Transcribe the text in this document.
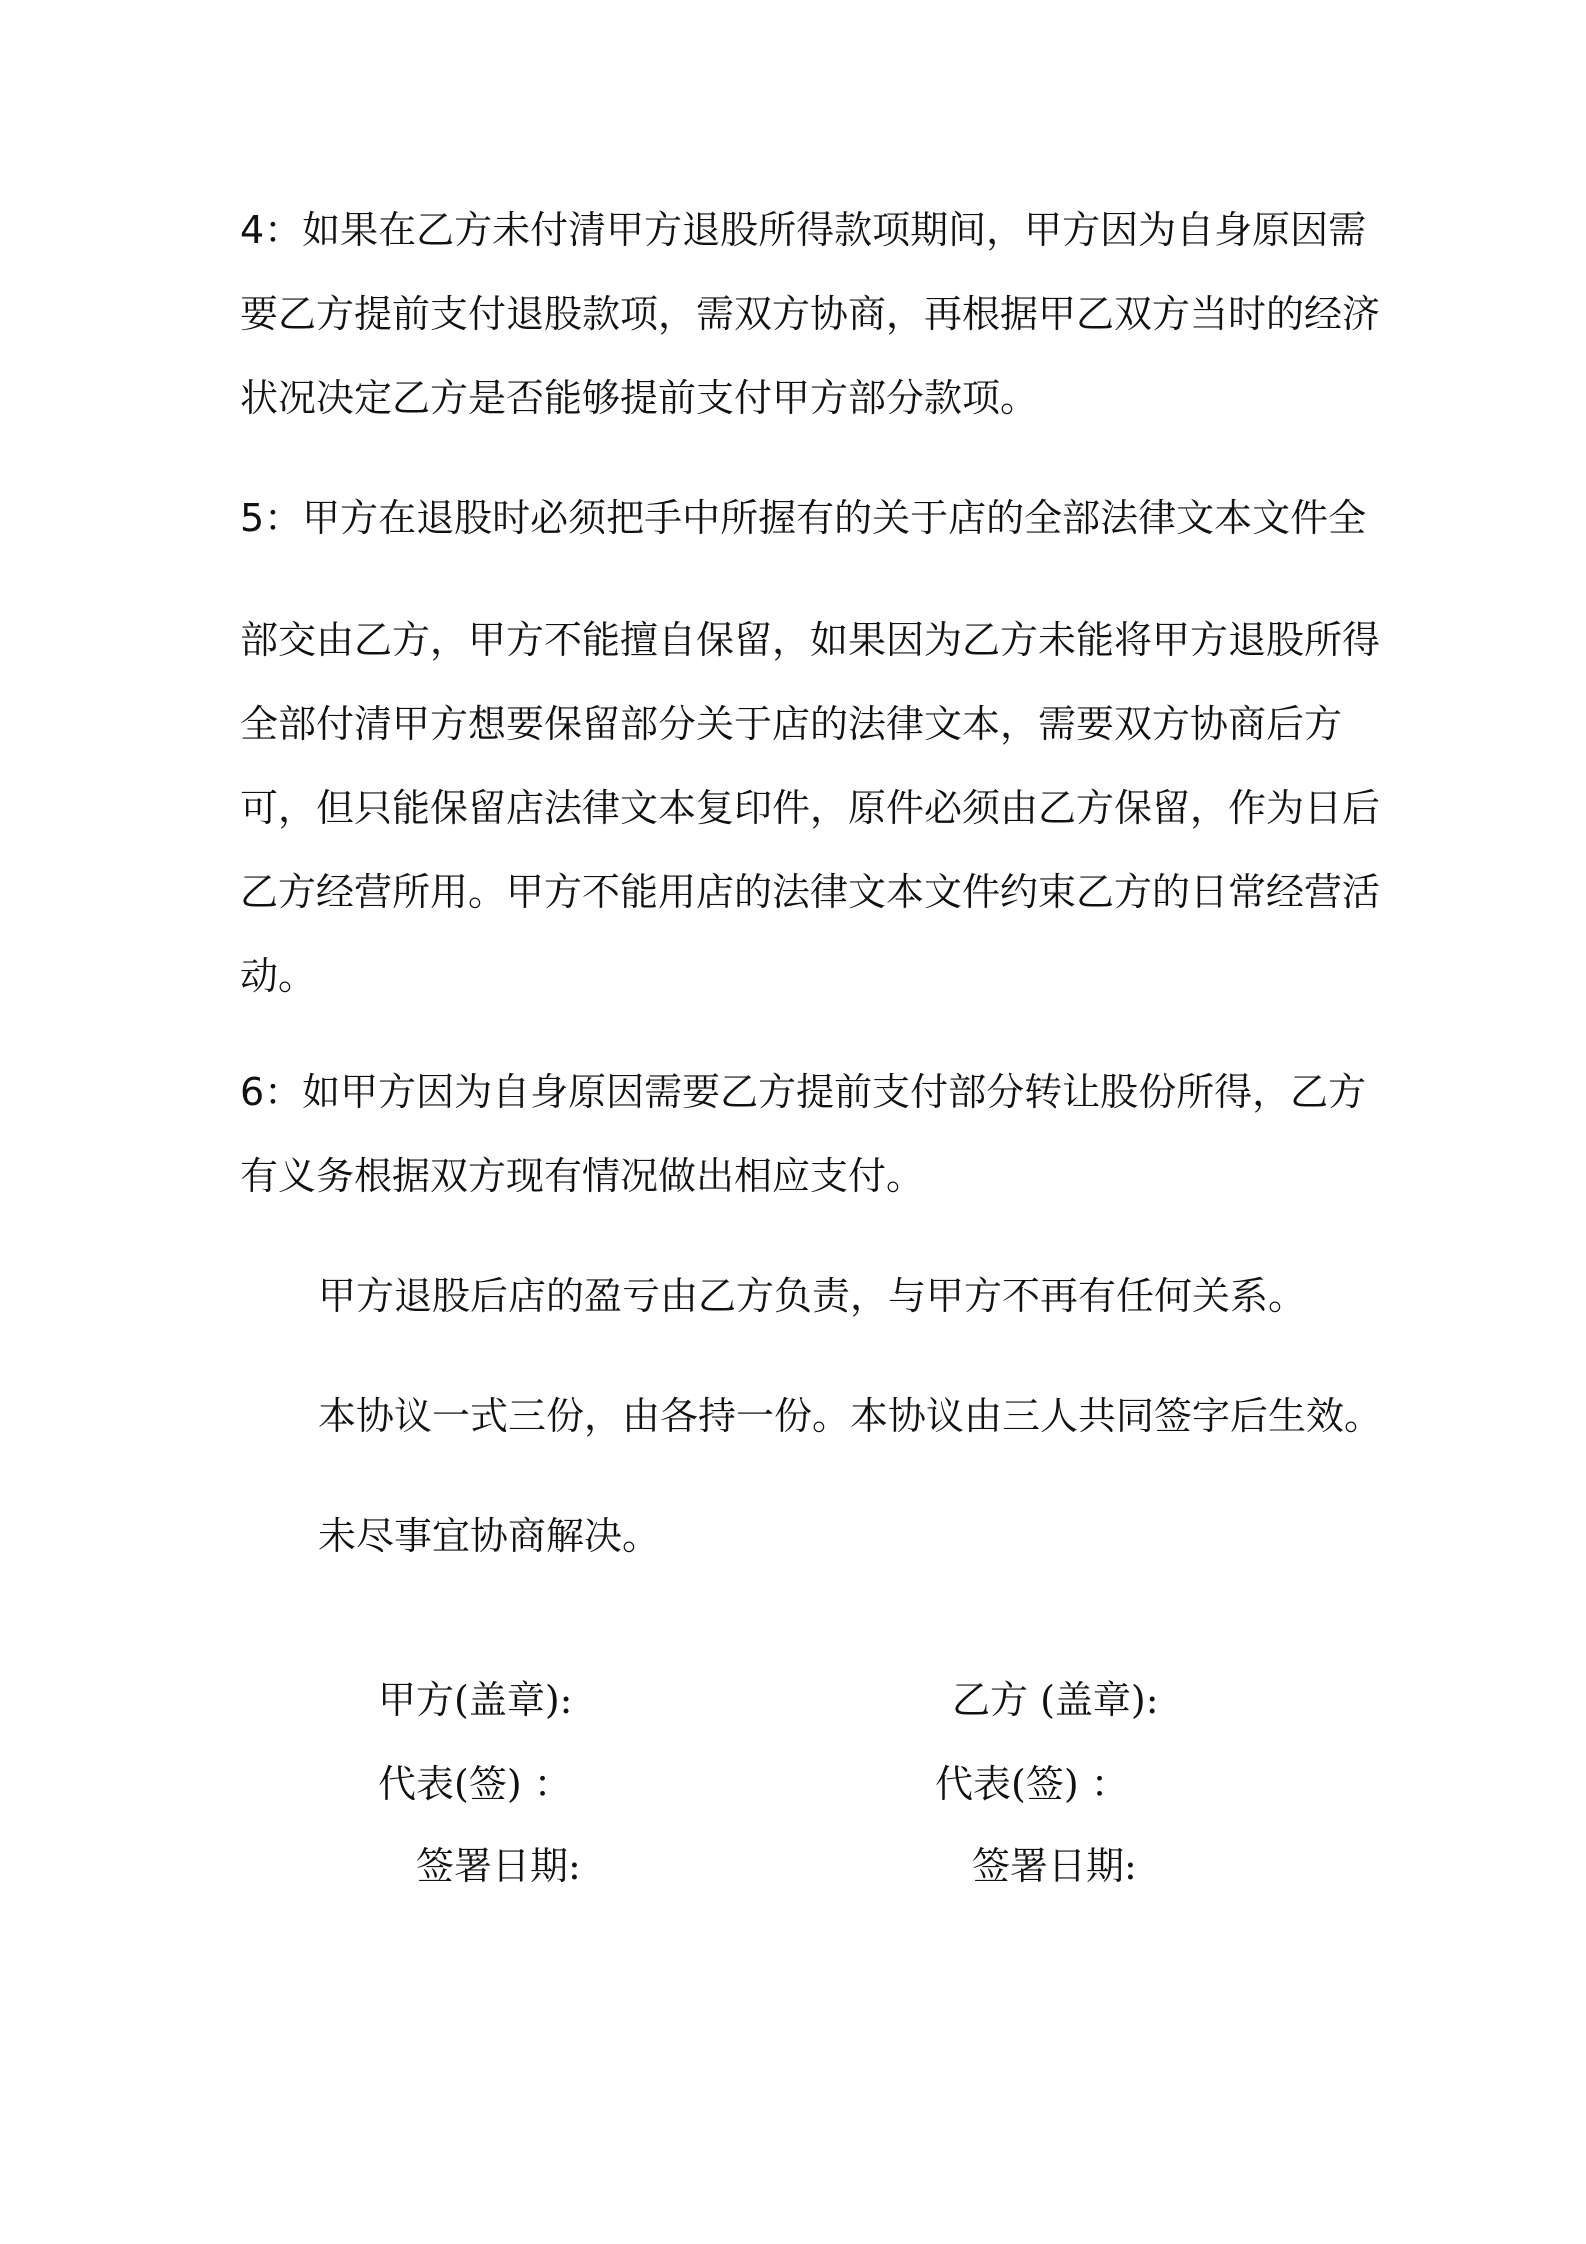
4：如果在乙方未付清甲方退股所得款项期间，甲方因为自身原因需
要乙方提前支付退股款项，需双方协商，再根据甲乙双方当时的经济
状况决定乙方是否能够提前支付甲方部分款项。
5：甲方在退股时必须把手中所握有的关于店的全部法律文本文件全
部交由乙方，甲方不能擅自保留，如果因为乙方未能将甲方退股所得
全部付清甲方想要保留部分关于店的法律文本，需要双方协商后方
可，但只能保留店法律文本复印件，原件必须由乙方保留，作为日后
乙方经营所用。甲方不能用店的法律文本文件约束乙方的日常经营活
动。
6：如甲方因为自身原因需要乙方提前支付部分转让股份所得，乙方
有义务根据双方现有情况做出相应支付。
甲方退股后店的盈亏由乙方负责，与甲方不再有任何关系。
本协议一式三份，由各持一份。本协议由三人共同签字后生效。
未尽事宜协商解决。
甲方(盖章):	乙方 (盖章):
代表(签) ：	代表(签) ：
签署日期:	签署日期:
